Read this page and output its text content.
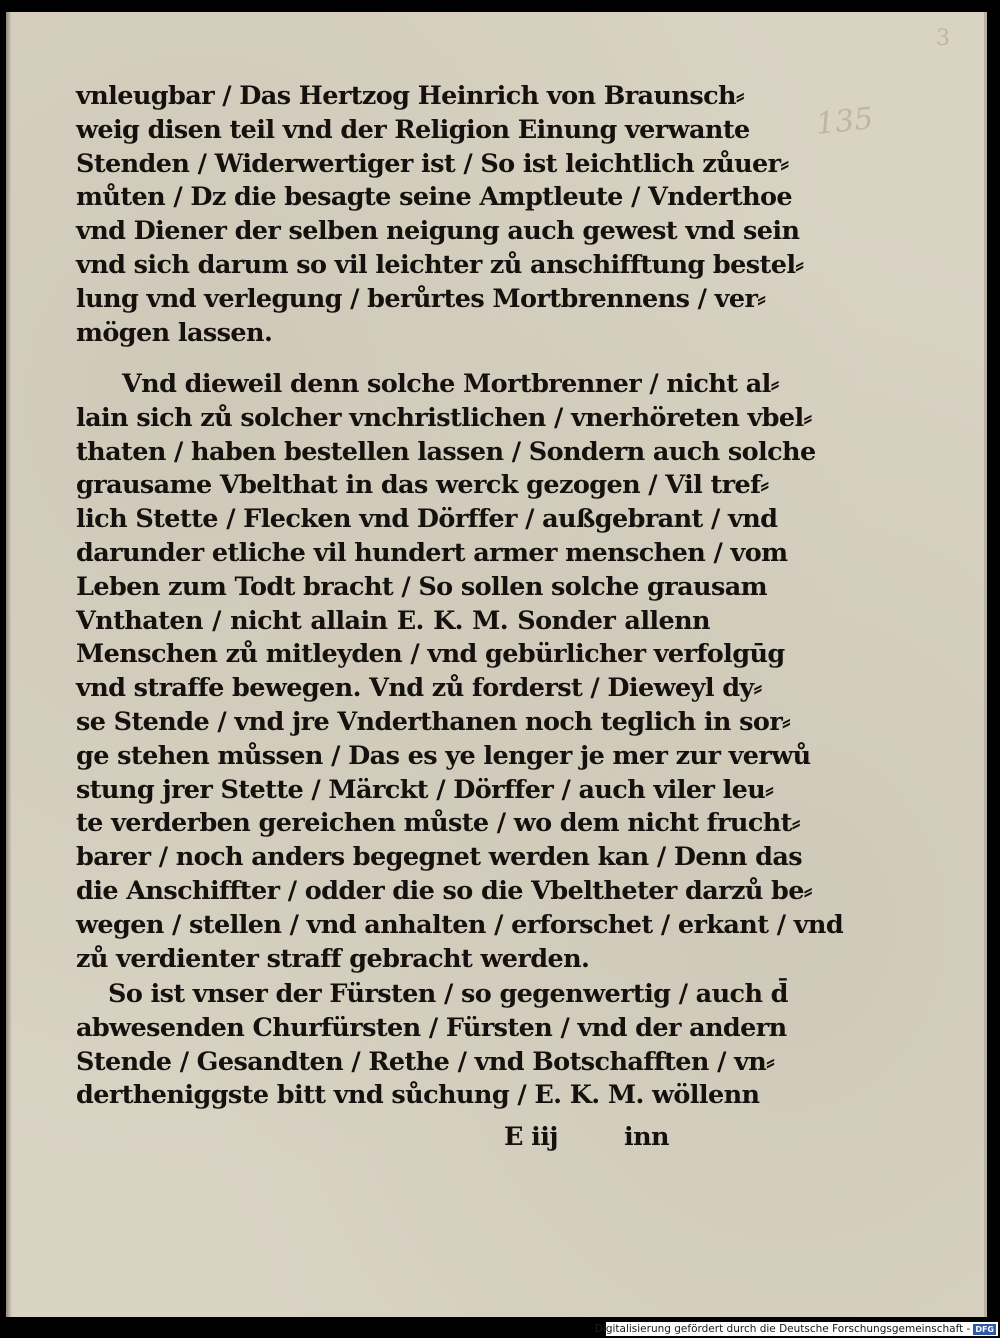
135
3
vnleugbar / Das Hertzog Heinrich von Braunsch⸗
weig disen teil vnd der Religion Einung verwante
Stenden / Widerwertiger ist / So ist leichtlich zůuer⸗
můten / Dz die besagte seine Amptleute / Vnderthoe
vnd Diener der selben neigung auch gewest vnd sein
vnd sich darum so vil leichter zů anschifftung bestel⸗
lung vnd verlegung / berůrtes Mortbrennens / ver⸗
mögen lassen.
Vnd dieweil denn solche Mortbrenner / nicht al⸗
lain sich zů solcher vnchristlichen / vnerhöreten vbel⸗
thaten / haben bestellen lassen / Sondern auch solche
grausame Vbelthat in das werck gezogen / Vil tref⸗
lich Stette / Flecken vnd Dörffer / außgebrant / vnd
darunder etliche vil hundert armer menschen / vom
Leben zum Todt bracht / So sollen solche grausam
Vnthaten / nicht allain E. K. M. Sonder allenn
Menschen zů mitleyden / vnd gebürlicher verfolgūg
vnd straffe bewegen. Vnd zů forderst / Dieweyl dy⸗
se Stende / vnd jre Vnderthanen noch teglich in sor⸗
ge stehen můssen / Das es ye lenger je mer zur verwů
stung jrer Stette / Märckt / Dörffer / auch viler leu⸗
te verderben gereichen můste / wo dem nicht frucht⸗
barer / noch anders begegnet werden kan / Denn das
die Anschiffter / odder die so die Vbeltheter darzů be⸗
wegen / stellen / vnd anhalten / erforschet / erkant / vnd
zů verdienter straff gebracht werden.
So ist vnser der Fürsten / so gegenwertig / auch d̄
abwesenden Churfürsten / Fürsten / vnd der andern
Stende / Gesandten / Rethe / vnd Botschafften / vn⸗
dertheniggste bitt vnd sůchung / E. K. M. wöllenn
E iij	inn
Digitalisierung gefördert durch die Deutsche Forschungsgemeinschaft - DFG
